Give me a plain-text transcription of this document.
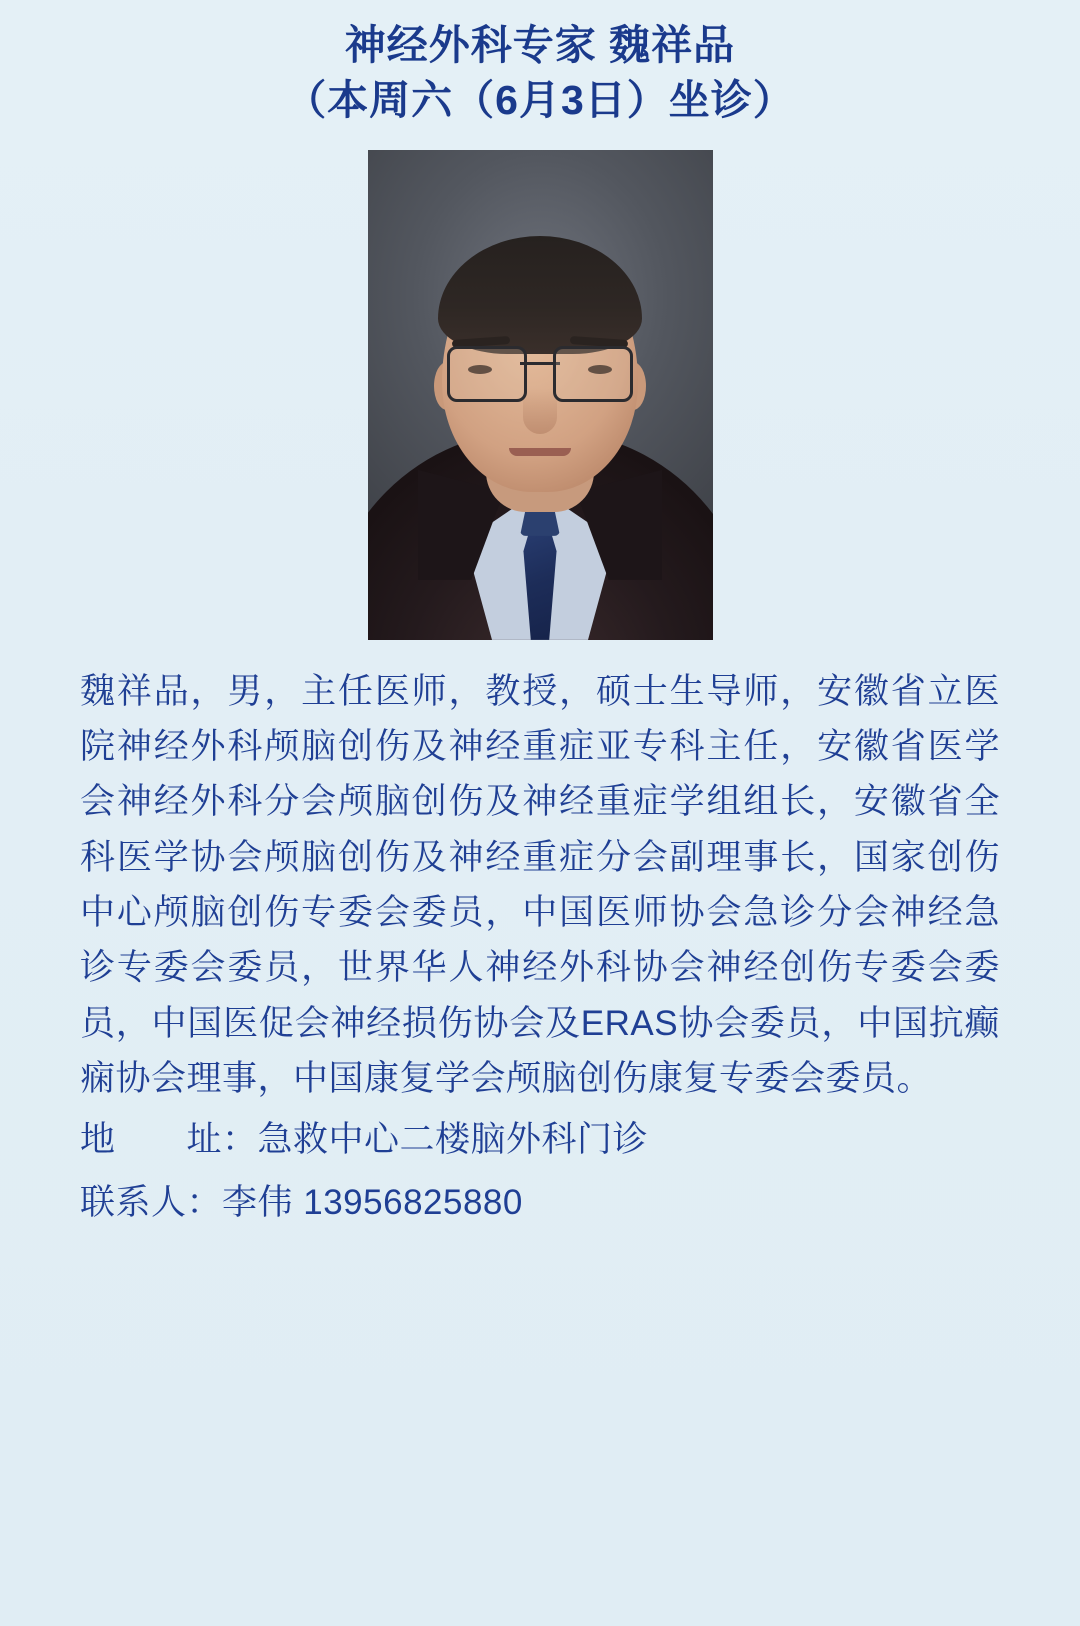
神经外科专家 魏祥品
（本周六（6月3日）坐诊）
魏祥品，男，主任医师，教授，硕士生导师，安徽省立医院神经外科颅脑创伤及神经重症亚专科主任，安徽省医学会神经外科分会颅脑创伤及神经重症学组组长，安徽省全科医学协会颅脑创伤及神经重症分会副理事长，国家创伤中心颅脑创伤专委会委员，中国医师协会急诊分会神经急诊专委会委员，世界华人神经外科协会神经创伤专委会委员，中国医促会神经损伤协会及ERAS协会委员，中国抗癫痫协会理事，中国康复学会颅脑创伤康复专委会委员。
地　　址：急救中心二楼脑外科门诊
联系人：李伟 13956825880
